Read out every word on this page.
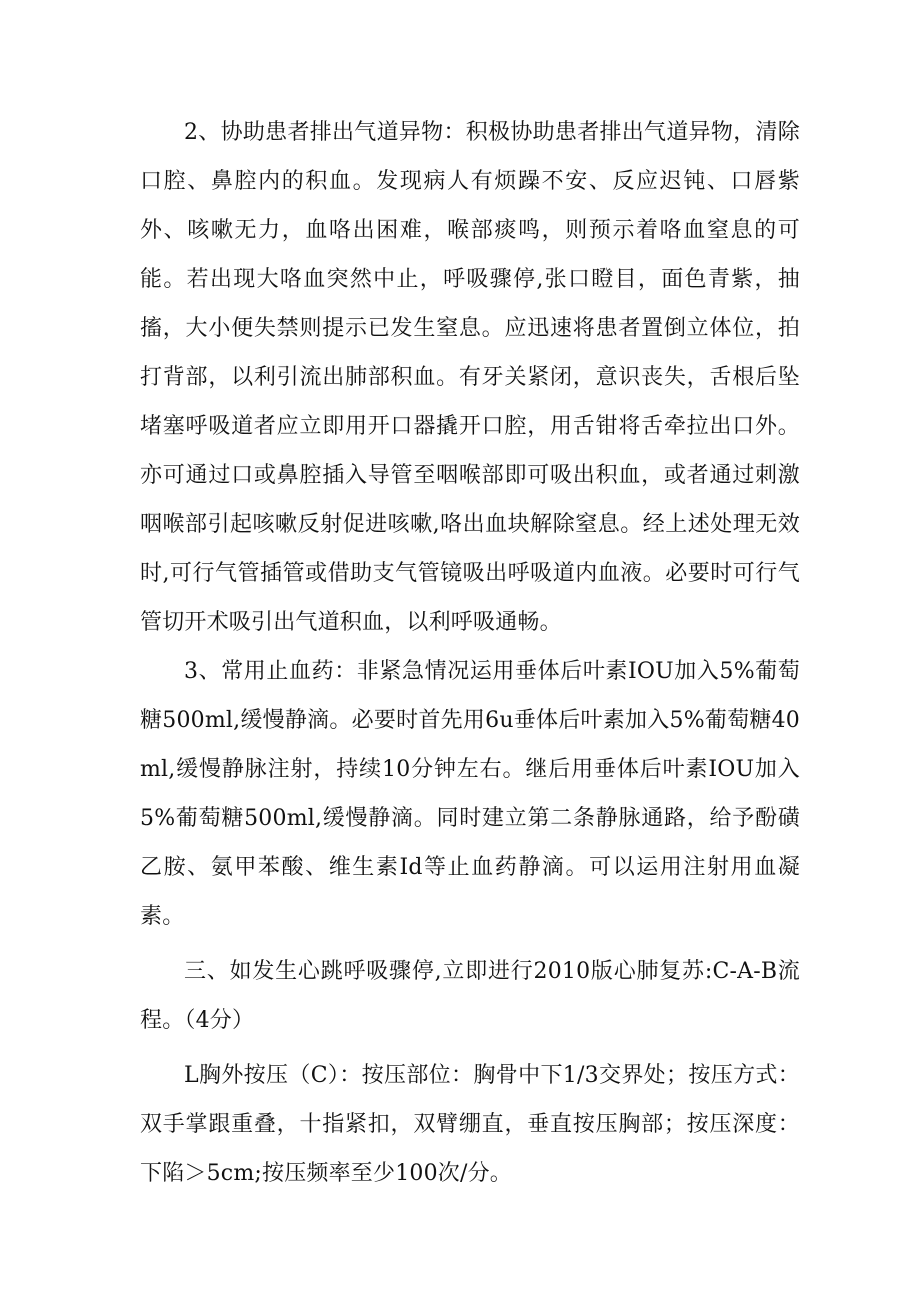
2、协助患者排出气道异物：积极协助患者排出气道异物，清除口腔、鼻腔内的积血。发现病人有烦躁不安、反应迟钝、口唇紫外、咳嗽无力，血咯出困难，喉部痰鸣，则预示着咯血窒息的可能。若出现大咯血突然中止，呼吸骤停,张口瞪目，面色青紫，抽搐，大小便失禁则提示已发生窒息。应迅速将患者置倒立体位，拍打背部，以利引流出肺部积血。有牙关紧闭，意识丧失，舌根后坠堵塞呼吸道者应立即用开口器撬开口腔，用舌钳将舌牵拉出口外。亦可通过口或鼻腔插入导管至咽喉部即可吸出积血，或者通过刺激咽喉部引起咳嗽反射促进咳嗽,咯出血块解除窒息。经上述处理无效时,可行气管插管或借助支气管镜吸出呼吸道内血液。必要时可行气管切开术吸引出气道积血，以利呼吸通畅。

3、常用止血药：非紧急情况运用垂体后叶素IOU加入5%葡萄糖500ml,缓慢静滴。必要时首先用6u垂体后叶素加入5%葡萄糖40ml,缓慢静脉注射，持续10分钟左右。继后用垂体后叶素IOU加入5%葡萄糖500ml,缓慢静滴。同时建立第二条静脉通路，给予酚磺乙胺、氨甲苯酸、维生素Id等止血药静滴。可以运用注射用血凝素。

三、如发生心跳呼吸骤停,立即进行2010版心肺复苏:C-A-B流程。（4分）

L胸外按压（C）：按压部位：胸骨中下1/3交界处；按压方式：双手掌跟重叠，十指紧扣，双臂绷直，垂直按压胸部；按压深度：下陷＞5cm;按压频率至少100次/分。
